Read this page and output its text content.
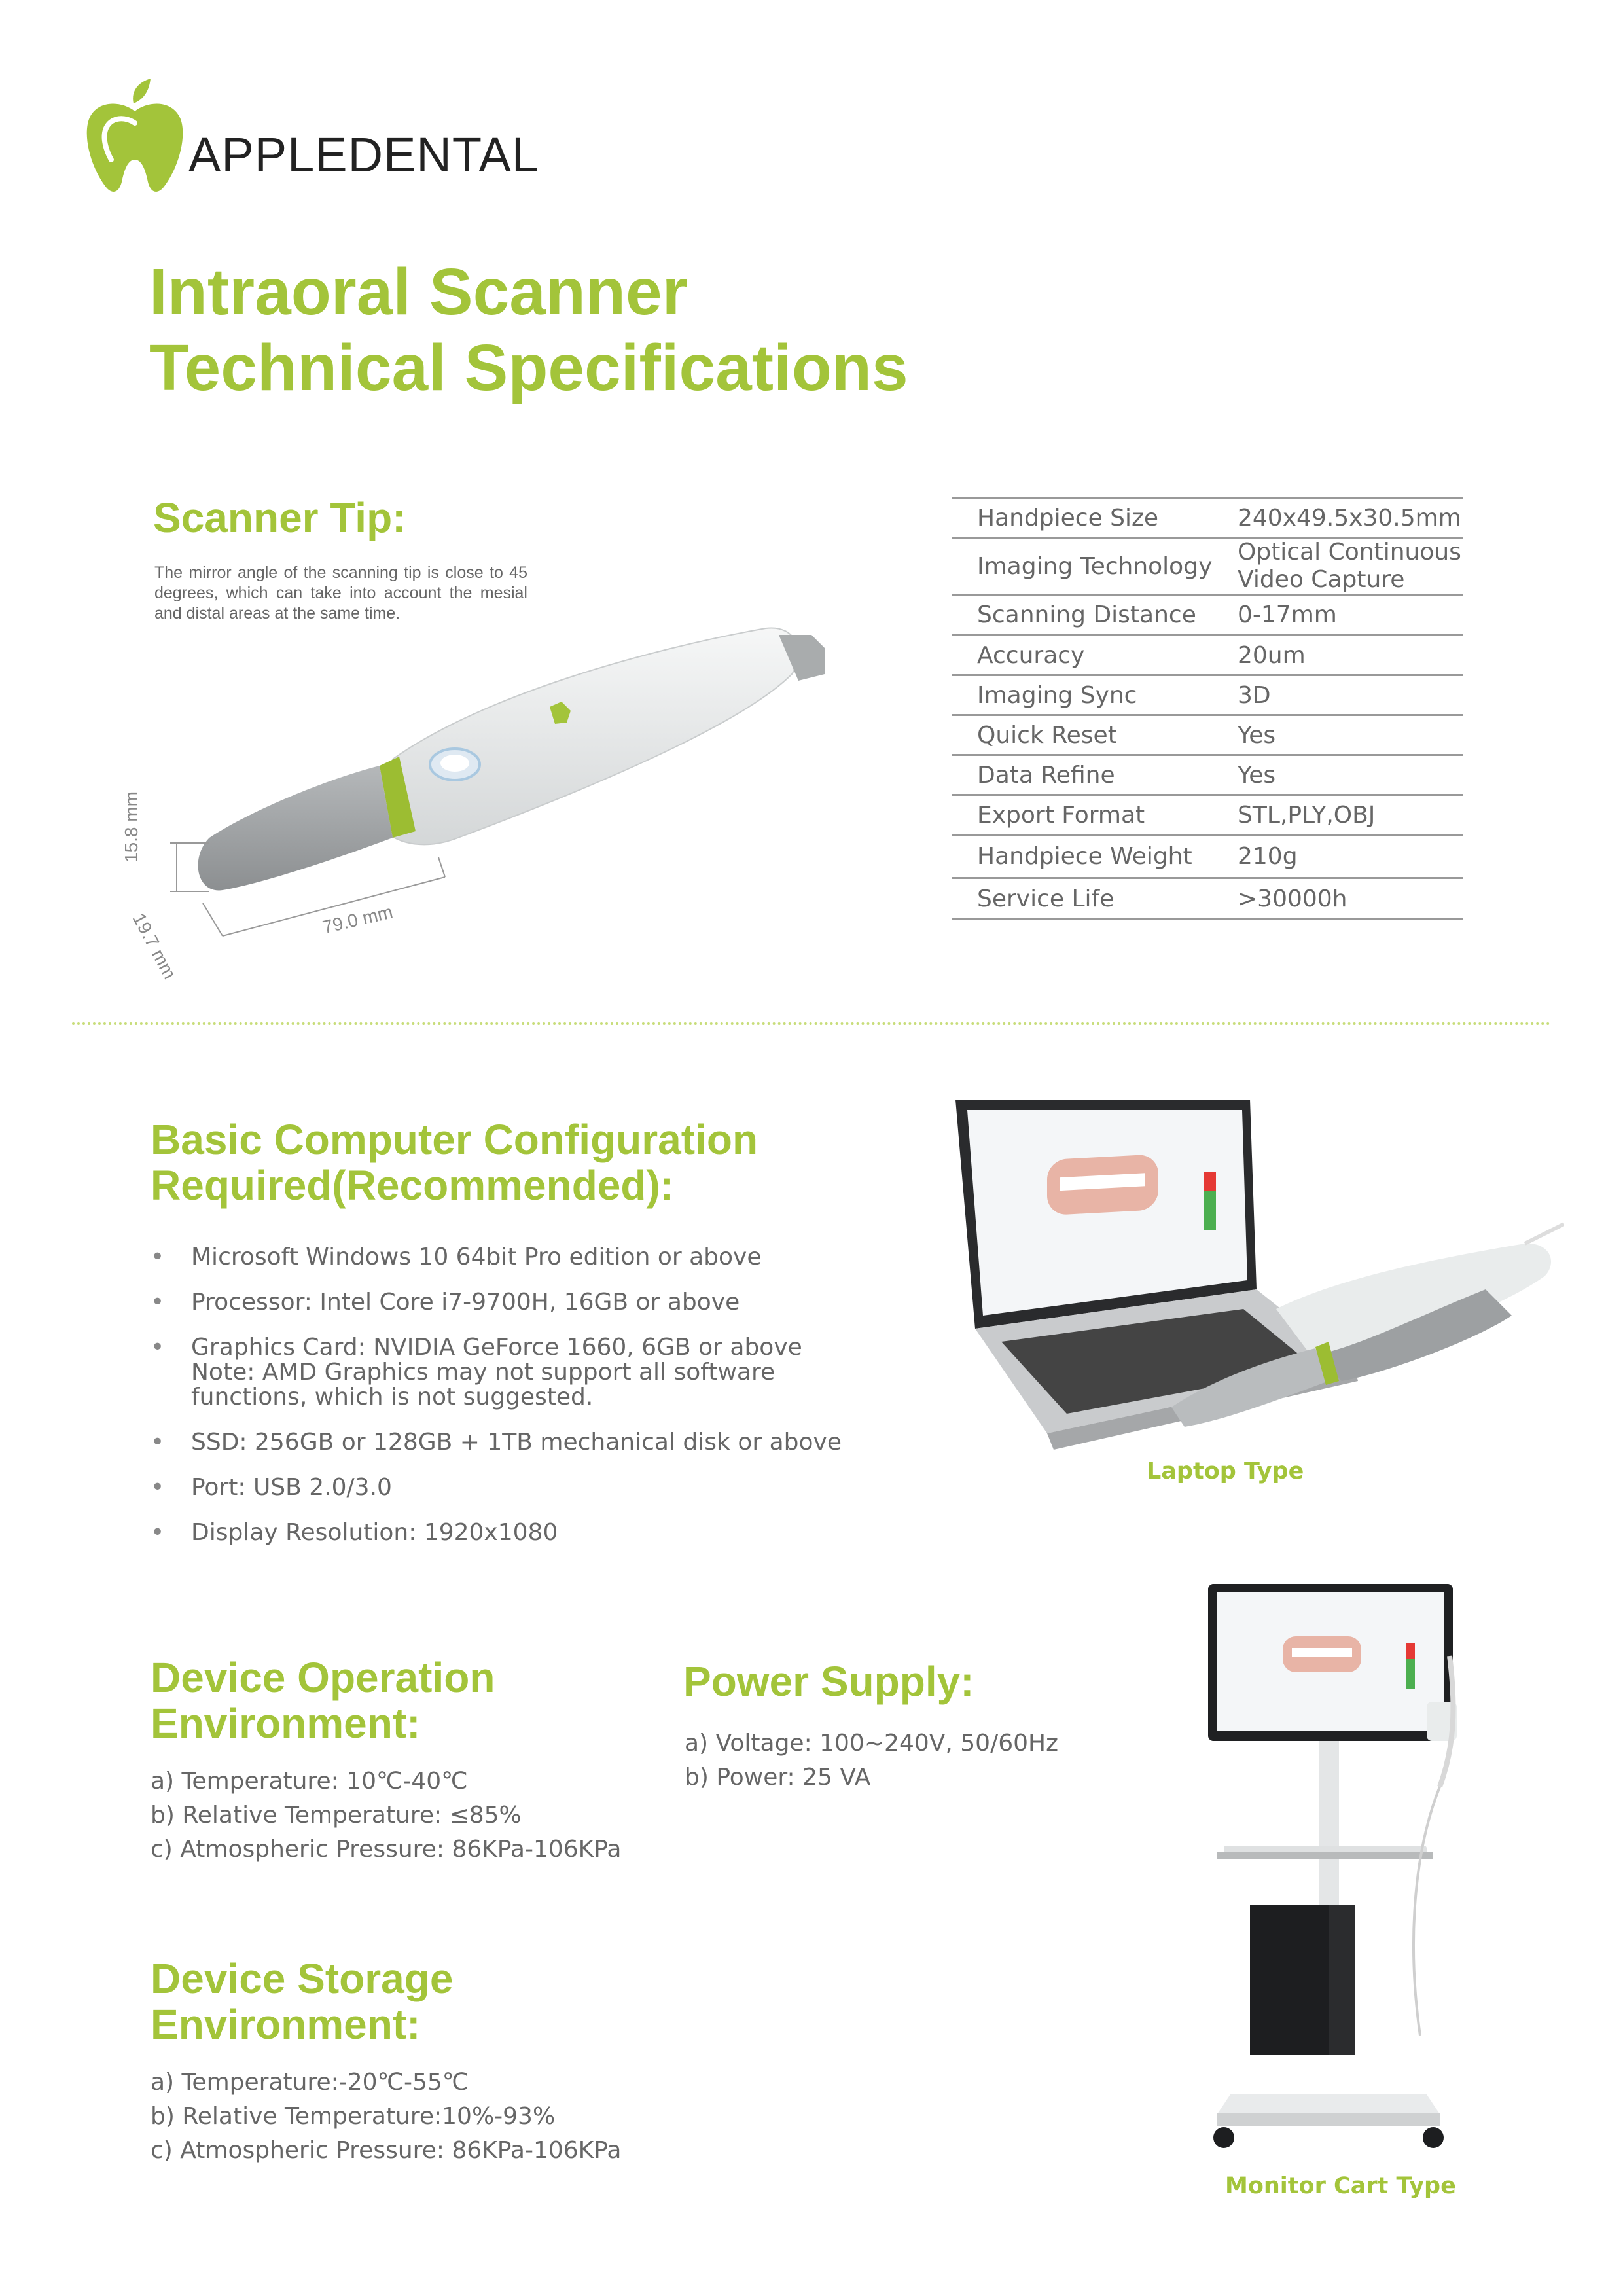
APPLEDENTAL
Intraoral Scanner
Technical Specifications
Scanner Tip:
The mirror angle of the scanning tip is close to 45 degrees, which can take into account the mesial and distal areas at the same time.
15.8 mm
19.7 mm	79.0 mm
Handpiece Size	240x49.5x30.5mm
Imaging Technology	Optical Continuous Video Capture
Scanning Distance	0-17mm
Accuracy	20um
Imaging Sync	3D
Quick Reset	Yes
Data Refine	Yes
Export Format	STL,PLY,OBJ
Handpiece Weight	210g
Service Life	>30000h
Basic Computer Configuration
Required(Recommended):
• Microsoft Windows 10 64bit Pro edition or above
• Processor: Intel Core i7-9700H, 16GB or above
• Graphics Card: NVIDIA GeForce 1660, 6GB or above
Note: AMD Graphics may not support all software functions, which is not suggested.
• SSD: 256GB or 128GB + 1TB mechanical disk or above
• Port: USB 2.0/3.0
• Display Resolution: 1920x1080
Laptop Type
Device Operation
Environment:
a) Temperature: 10℃-40℃
b) Relative Temperature: ≤85%
c) Atmospheric Pressure: 86KPa-106KPa
Power Supply:
a) Voltage: 100~240V, 50/60Hz
b) Power: 25 VA
Device Storage
Environment:
a) Temperature:-20℃-55℃
b) Relative Temperature:10%-93%
c) Atmospheric Pressure: 86KPa-106KPa
Monitor Cart Type
